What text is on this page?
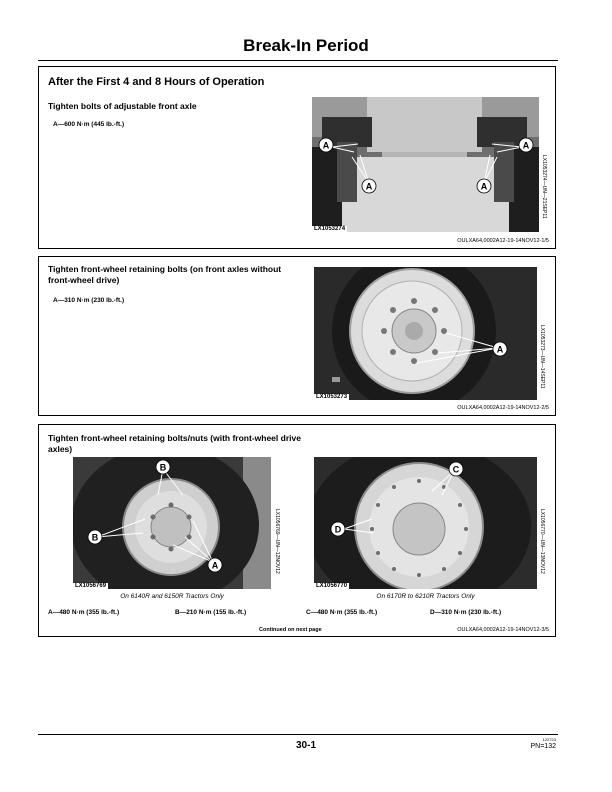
Break-In Period
After the First 4 and 8 Hours of Operation
Tighten bolts of adjustable front axle
A—600 N·m (445 lb.-ft.)
A
A
A
A
LX1053274
LX1053274—UN—21SEP11
OULXA64,0002A12-19-14NOV12-1/5
Tighten front-wheel retaining bolts (on front axles without front-wheel drive)
A—310 N·m (230 lb.-ft.)
A
LX1053273
LX1053273—UN—14SEP11
OULXA64,0002A12-19-14NOV12-2/5
Tighten front-wheel retaining bolts/nuts (with front-wheel drive axles)
B
B
A
LX1056769
LX1056769—UN—12NOV12
On 6140R and 6150R Tractors Only
C
D
LX1056770
LX1056770—UN—13NOV12
On 6170R to 6210R Tractors Only
A—480 N·m (355 lb.-ft.)	B—210 N·m (155 lb.-ft.)	C—480 N·m (355 lb.-ft.)	D—310 N·m (230 lb.-ft.)
Continued on next page	OULXA64,0002A12-19-14NOV12-3/5
30-1
122723
PN=132
